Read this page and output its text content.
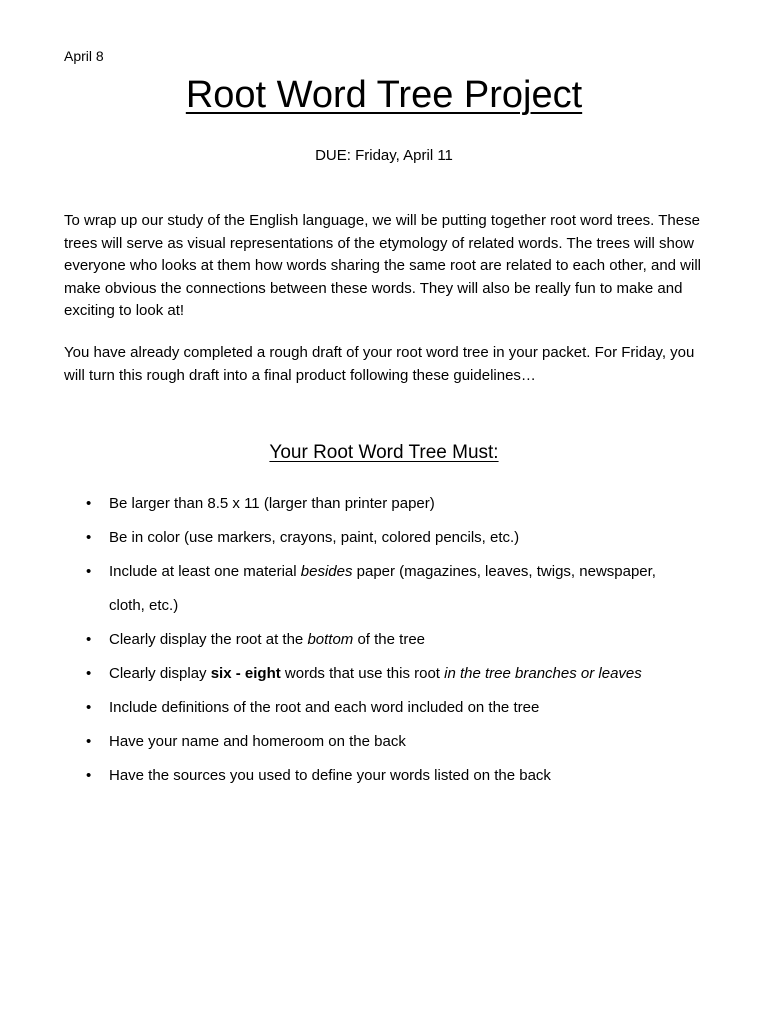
April 8
Root Word Tree Project
DUE: Friday, April 11

To wrap up our study of the English language, we will be putting together root word trees. These trees will serve as visual representations of the etymology of related words. The trees will show everyone who looks at them how words sharing the same root are related to each other, and will make obvious the connections between these words. They will also be really fun to make and exciting to look at!

You have already completed a rough draft of your root word tree in your packet. For Friday, you will turn this rough draft into a final product following these guidelines…

Your Root Word Tree Must:
• Be larger than 8.5 x 11 (larger than printer paper)
• Be in color (use markers, crayons, paint, colored pencils, etc.)
• Include at least one material besides paper (magazines, leaves, twigs, newspaper,
cloth, etc.)
• Clearly display the root at the bottom of the tree
• Clearly display six - eight words that use this root in the tree branches or leaves
• Include definitions of the root and each word included on the tree
• Have your name and homeroom on the back
• Have the sources you used to define your words listed on the back
